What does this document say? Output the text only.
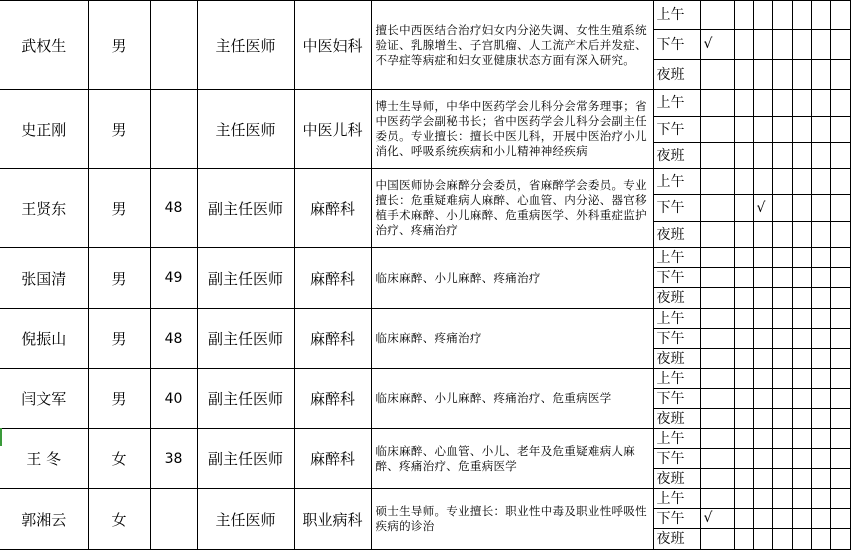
武权生	男		主任医师	中医妇科	擅长中西医结合治疗妇女内分泌失调、女性生殖系统验证、乳腺增生、子宫肌瘤、人工流产术后并发症、不孕症等病症和妇女亚健康状态方面有深入研究。	上午								
						下午	√							
						夜班								
史正刚	男		主任医师	中医儿科	博士生导师，中华中医药学会儿科分会常务理事；省中医药学会副秘书长；省中医药学会儿科分会副主任委员。专业擅长：擅长中医儿科，开展中医治疗小儿消化、呼吸系统疾病和小儿精神神经疾病	上午								
						下午								
						夜班								
王贤东	男	48	副主任医师	麻醉科	中国医师协会麻醉分会委员，省麻醉学会委员。专业擅长：危重疑难病人麻醉、心血管、内分泌、器官移植手术麻醉、小儿麻醉、危重病医学、外科重症监护治疗、疼痛治疗	上午								
						下午			√					
						夜班								
张国清	男	49	副主任医师	麻醉科	临床麻醉、小儿麻醉、疼痛治疗	上午								
						下午								
						夜班								
倪振山	男	48	副主任医师	麻醉科	临床麻醉、疼痛治疗	上午								
						下午								
						夜班								
闫文军	男	40	副主任医师	麻醉科	临床麻醉、小儿麻醉、疼痛治疗、危重病医学	上午								
						下午								
						夜班								
王 冬	女	38	副主任医师	麻醉科	临床麻醉、心血管、小儿、老年及危重疑难病人麻醉、疼痛治疗、危重病医学	上午								
						下午								
						夜班								
郭湘云	女		主任医师	职业病科	硕士生导师。专业擅长：职业性中毒及职业性呼吸性疾病的诊治	上午								
						下午	√							
						夜班								
